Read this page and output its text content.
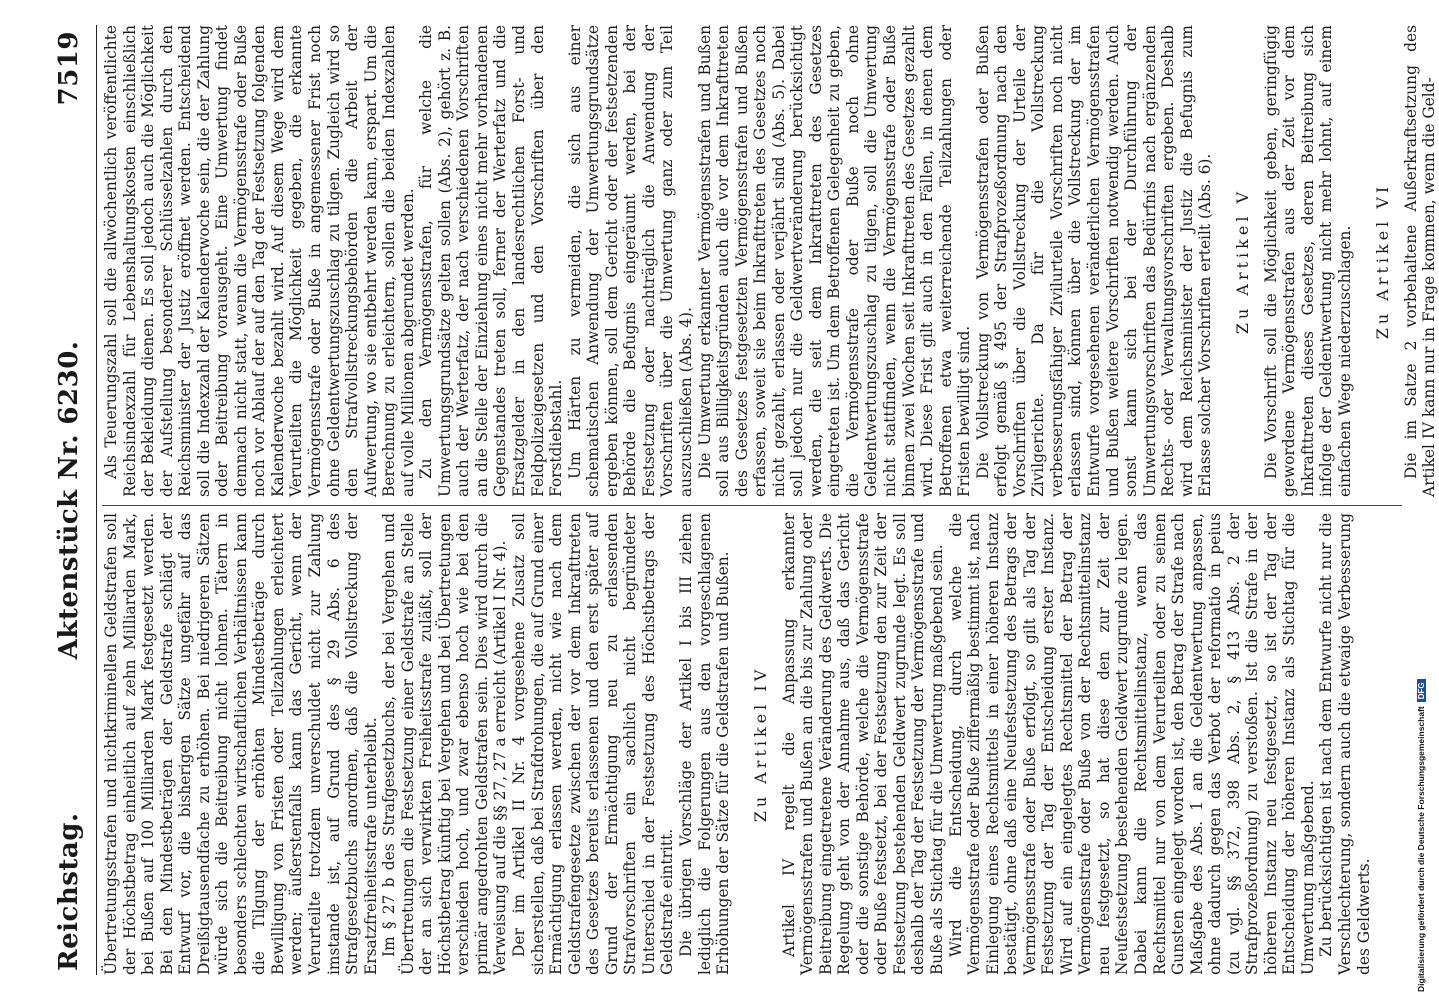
Reichstag.
Aktenstück Nr. 6230.
7519

Übertretungsstrafen und nichtkriminellen Geldstrafen soll der Höchstbetrag einheitlich auf zehn Milliarden Mark, bei Bußen auf 100 Milliarden Mark festgesetzt werden. Bei den Mindestbeträgen der Geldstrafe schlägt der Entwurf vor, die bisherigen Sätze ungefähr auf das Dreißigtausendfache zu erhöhen. Bei niedrigeren Sätzen würde sich die Beitreibung nicht lohnen. Tätern in besonders schlechten wirtschaftlichen Verhältnissen kann die Tilgung der erhöhten Mindestbeträge durch Bewilligung von Fristen oder Teilzahlungen erleichtert werden; äußerstenfalls kann das Gericht, wenn der Verurteilte trotzdem unverschuldet nicht zur Zahlung imstande ist, auf Grund des § 29 Abs. 6 des Strafgesetzbuchs anordnen, daß die Vollstreckung der Ersatzfreiheitsstrafe unterbleibt. Im § 27 b des Strafgesetzbuchs, der bei Vergehen und Übertretungen die Festsetzung einer Geldstrafe an Stelle der an sich verwirkten Freiheitsstrafe zuläßt, soll der Höchstbetrag künftig bei Vergehen und bei Übertretungen verschieden hoch, und zwar ebenso hoch wie bei den primär angedrohten Geldstrafen sein. Dies wird durch die Verweisung auf die §§ 27, 27 a erreicht (Artikel I Nr. 4). Der im Artikel II Nr. 4 vorgesehene Zusatz soll sicherstellen, daß bei Strafdrohungen, die auf Grund einer Ermächtigung erlassen werden, nicht wie nach dem Geldstrafengesetze zwischen der vor dem Inkrafttreten des Gesetzes bereits erlassenen und den erst später auf Grund der Ermächtigung neu zu erlassenden Strafvorschriften ein sachlich nicht begründeter Unterschied in der Festsetzung des Höchstbetrags der Geldstrafe eintritt. Die übrigen Vorschläge der Artikel I bis III ziehen lediglich die Folgerungen aus den vorgeschlagenen Erhöhungen der Sätze für die Geldstrafen und Bußen. Zu Artikel IV Artikel IV regelt die Anpassung erkannter Vermögensstrafen und Bußen an die bis zur Zahlung oder Beitreibung eingetretene Veränderung des Geldwerts. Die Regelung geht von der Annahme aus, daß das Gericht oder die sonstige Behörde, welche die Vermögensstrafe oder Buße festsetzt, bei der Festsetzung den zur Zeit der Festsetzung bestehenden Geldwert zugrunde legt. Es soll deshalb der Tag der Festsetzung der Vermögensstrafe und Buße als Stichtag für die Umwertung maßgebend sein. Wird die Entscheidung, durch welche die Vermögensstrafe oder Buße ziffermäßig bestimmt ist, nach Einlegung eines Rechtsmittels in einer höheren Instanz bestätigt, ohne daß eine Neufestsetzung des Betrags der Vermögensstrafe oder Buße erfolgt, so gilt als Tag der Festsetzung der Tag der Entscheidung erster Instanz. Wird auf ein eingelegtes Rechtsmittel der Betrag der Vermögensstrafe oder Buße von der Rechtsmittelinstanz neu festgesetzt, so hat diese den zur Zeit der Neufestsetzung bestehenden Geldwert zugrunde zu legen. Dabei kann die Rechtsmittelinstanz, wenn das Rechtsmittel nur von dem Verurteilten oder zu seinen Gunsten eingelegt worden ist, den Betrag der Strafe nach Maßgabe des Abs. 1 an die Geldentwertung anpassen, ohne dadurch gegen das Verbot der reformatio in peius (zu vgl. §§ 372, 398 Abs. 2, § 413 Abs. 2 der Strafprozeßordnung) zu verstoßen. Ist die Strafe in der höheren Instanz neu festgesetzt, so ist der Tag der Entscheidung der höheren Instanz als Stichtag für die Umwertung maßgebend. Zu berücksichtigen ist nach dem Entwurfe nicht nur die Verschlechterung, sondern auch die etwaige Verbesserung des Geldwerts.

Als Teuerungszahl soll die allwöchentlich veröffentlichte Reichsindexzahl für Lebenshaltungskosten einschließlich der Bekleidung dienen. Es soll jedoch auch die Möglichkeit der Aufstellung besonderer Schlüsselzahlen durch den Reichsminister der Justiz eröffnet werden. Entscheidend soll die Indexzahl der Kalenderwoche sein, die der Zahlung oder Beitreibung vorausgeht. Eine Umwertung findet demnach nicht statt, wenn die Vermögensstrafe oder Buße noch vor Ablauf der auf den Tag der Festsetzung folgenden Kalenderwoche bezahlt wird. Auf diesem Wege wird dem Verurteilten die Möglichkeit gegeben, die erkannte Vermögensstrafe oder Buße in angemessener Frist noch ohne Geldentwertungszuschlag zu tilgen. Zugleich wird so den Strafvollstreckungsbehörden die Arbeit der Aufwertung, wo sie entbehrt werden kann, erspart. Um die Berechnung zu erleichtern, sollen die beiden Indexzahlen auf volle Millionen abgerundet werden. Zu den Vermögensstrafen, für welche die Umwertungsgrundsätze gelten sollen (Abs. 2), gehört z. B. auch der Werterfatz, der nach verschiedenen Vorschriften an die Stelle der Einziehung eines nicht mehr vorhandenen Gegenstandes treten soll, ferner der Werterfatz und die Ersatzgelder in den landesrechtlichen Forst- und Feldpolizeigesetzen und den Vorschriften über den Forstdiebstahl. Um Härten zu vermeiden, die sich aus einer schematischen Anwendung der Umwertungsgrundsätze ergeben können, soll dem Gericht oder der festsetzenden Behörde die Befugnis eingeräumt werden, bei der Festsetzung oder nachträglich die Anwendung der Vorschriften über die Umwertung ganz oder zum Teil auszuschließen (Abs. 4). Die Umwertung erkannter Vermögensstrafen und Bußen soll aus Billigkeitsgründen auch die vor dem Inkrafttreten des Gesetzes festgesetzten Vermögensstrafen und Bußen erfassen, soweit sie beim Inkrafttreten des Gesetzes noch nicht gezahlt, erlassen oder verjährt sind (Abs. 5). Dabei soll jedoch nur die Geldwertveränderung berücksichtigt werden, die seit dem Inkrafttreten des Gesetzes eingetreten ist. Um dem Betroffenen Gelegenheit zu geben, die Vermögensstrafe oder Buße noch ohne Geldentwertungszuschlag zu tilgen, soll die Umwertung nicht stattfinden, wenn die Vermögensstrafe oder Buße binnen zwei Wochen seit Inkrafttreten des Gesetzes gezahlt wird. Diese Frist gilt auch in den Fällen, in denen dem Betroffenen etwa weiterreichende Teilzahlungen oder Fristen bewilligt sind. Die Vollstreckung von Vermögensstrafen oder Bußen erfolgt gemäß § 495 der Strafprozeßordnung nach den Vorschriften über die Vollstreckung der Urteile der Zivilgerichte. Da für die Vollstreckung verbesserungsfähiger Zivilurteile Vorschriften noch nicht erlassen sind, können über die Vollstreckung der im Entwurfe vorgesehenen veränderlichen Vermögensstrafen und Bußen weitere Vorschriften notwendig werden. Auch sonst kann sich bei der Durchführung der Umwertungsvorschriften das Bedürfnis nach ergänzenden Rechts- oder Verwaltungsvorschriften ergeben. Deshalb wird dem Reichsminister der Justiz die Befugnis zum Erlasse solcher Vorschriften erteilt (Abs. 6). Zu Artikel V Die Vorschrift soll die Möglichkeit geben, geringfügig gewordene Vermögensstrafen aus der Zeit vor dem Inkrafttreten dieses Gesetzes, deren Beitreibung sich infolge der Geldentwertung nicht mehr lohnt, auf einem einfachen Wege niederzuschlagen. Zu Artikel VI Die im Satze 2 vorbehaltene Außerkraftsetzung des Artikel IV kann nur in Frage kommen, wenn die Geld-

Digitalisierung gefördert durch die Deutsche ForschungsgemeinschaftDFG
